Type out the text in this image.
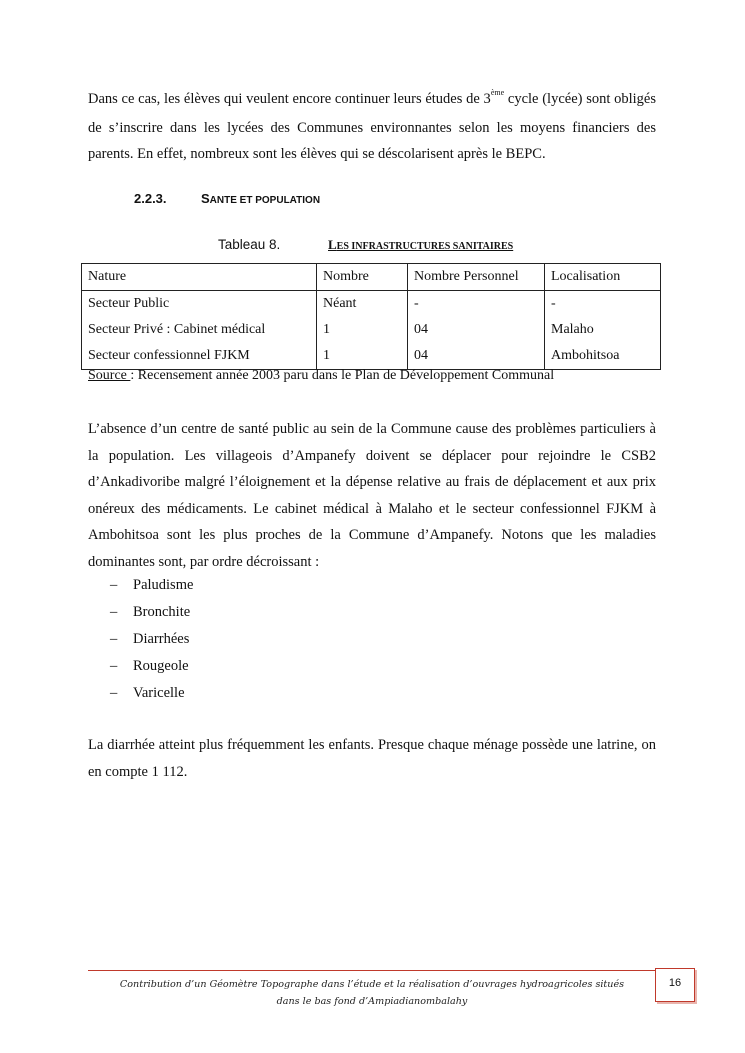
Dans ce cas, les élèves qui veulent encore continuer leurs études de 3ème cycle (lycée) sont obligés de s’inscrire dans les lycées des Communes environnantes selon les moyens financiers des parents. En effet, nombreux sont les élèves qui se déscolarisent après le BEPC.

2.2.3.	SANTE ET POPULATION

Tableau 8.	LES INFRASTRUCTURES SANITAIRES

Nature	Nombre	Nombre Personnel	Localisation
Secteur Public	Néant	-	-
Secteur Privé : Cabinet médical	1	04	Malaho
Secteur confessionnel FJKM	1	04	Ambohitsoa

Source : Recensement année 2003 paru dans le Plan de Développement Communal

L’absence d’un centre de santé public au sein de la Commune cause des problèmes particuliers à la population. Les villageois d’Ampanefy doivent se déplacer pour rejoindre le CSB2 d’Ankadivoribe malgré l’éloignement et la dépense relative au frais de déplacement et aux prix onéreux des médicaments. Le cabinet médical à Malaho et le secteur confessionnel FJKM à Ambohitsoa sont les plus proches de la Commune d’Ampanefy. Notons que les maladies dominantes sont, par ordre décroissant :

– Paludisme
– Bronchite
– Diarrhées
– Rougeole
– Varicelle

La diarrhée atteint plus fréquemment les enfants. Presque chaque ménage possède une latrine, on en compte 1 112.

Contribution d’un Géomètre Topographe dans l’étude et la réalisation d’ouvrages hydroagricoles situés dans le bas fond d’Ampiadianombalahy

16
